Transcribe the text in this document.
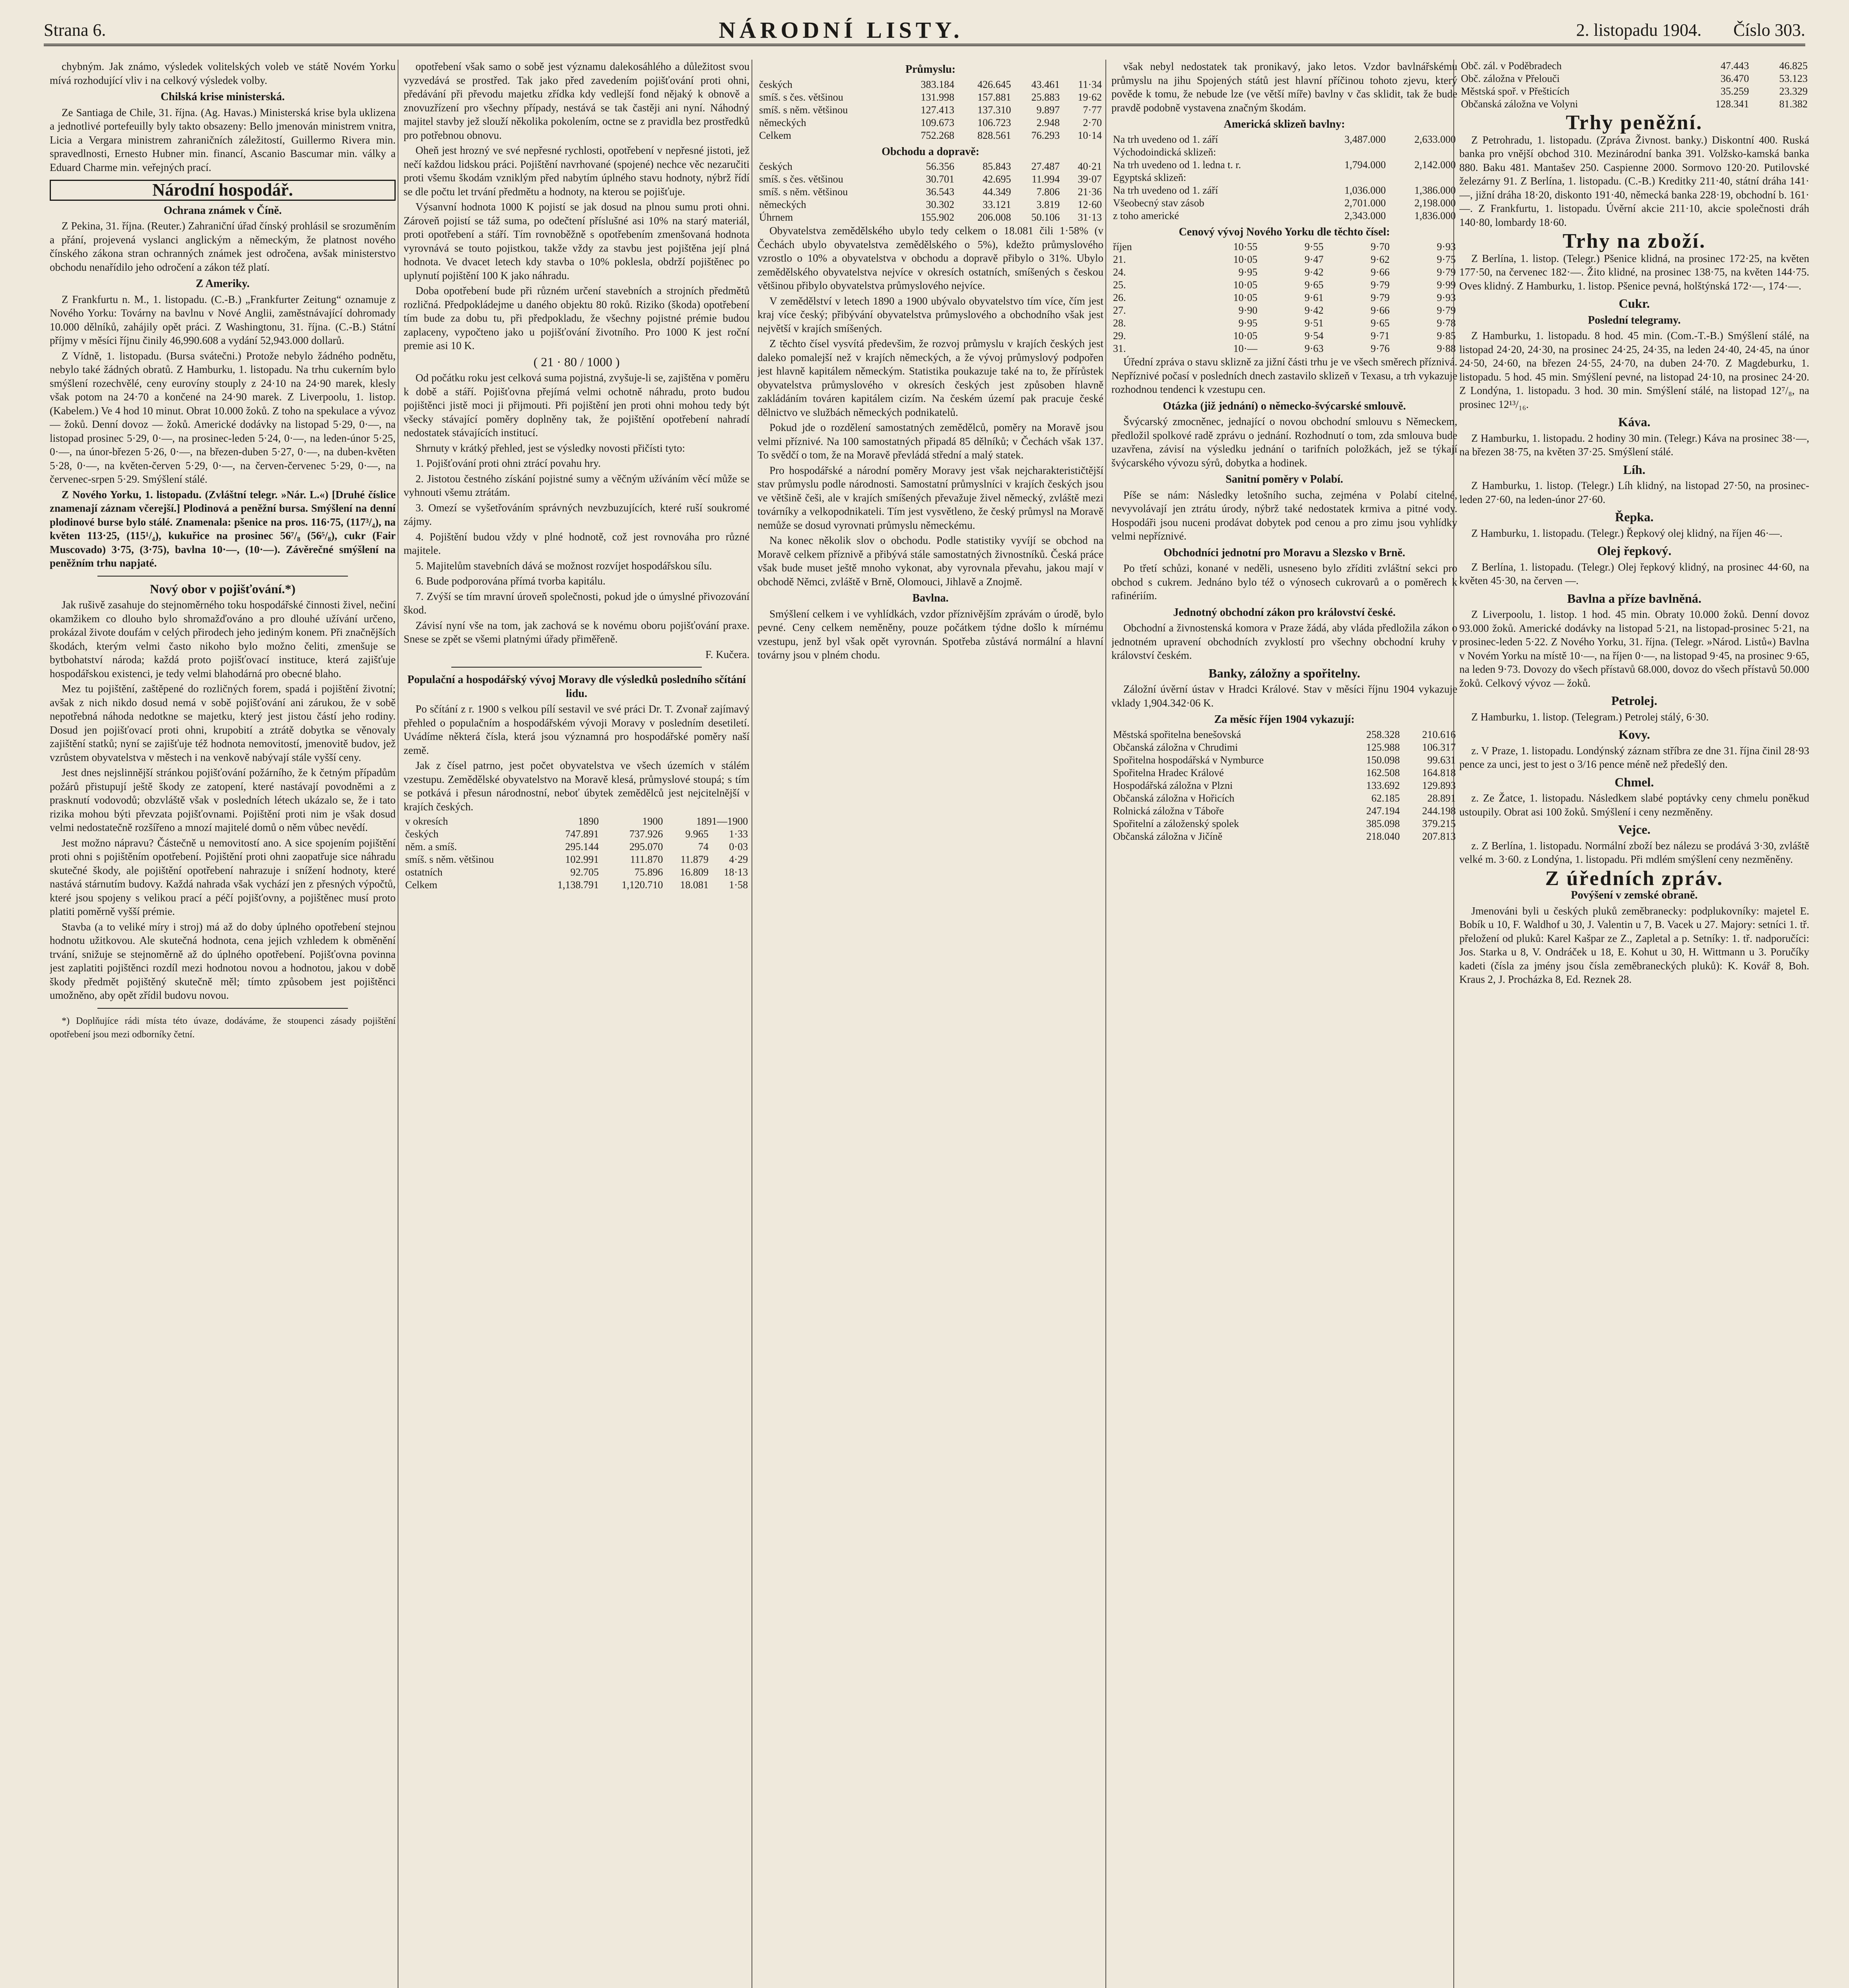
Strana 6.	NÁRODNÍ LISTY.	2. listopadu 1904. Číslo 303.

chybným. Jak známo, výsledek volitelských voleb ve státě Novém Yorku mívá rozhodující vliv i na celkový výsledek volby.

Chilská krise ministerská.

Ze Santiaga de Chile, 31. října. (Ag. Havas.) Ministerská krise byla uklizena a jednotlivé portefeuilly byly takto obsazeny: Bello jmenován ministrem vnitra, Licia a Vergara ministrem zahraničních záležitostí, Guillermo Rivera min. spravedlnosti, Ernesto Hubner min. financí, Ascanio Bascumar min. války a Eduard Charme min. veřejných prací.

Národní hospodář.
Ochrana známek v Číně.

Z Pekina, 31. října. (Reuter.) Zahraniční úřad čínský prohlásil se srozuměním a přání, projevená vyslanci anglickým a německým, že platnost nového čínského zákona stran ochranných známek jest odročena, avšak ministerstvo obchodu nenařídilo jeho odročení a zákon též platí.

Z Ameriky.

Z Frankfurtu n. M., 1. listopadu. (C.-B.) „Frankfurter Zeitung“ oznamuje z Nového Yorku: Továrny na bavlnu v Nové Anglii, zaměstnávající dohromady 10.000 dělníků, zahájily opět práci. Z Washingtonu, 31. října. (C.-B.) Státní příjmy v měsíci říjnu činily 46,990.608 a vydání 52,943.000 dollarů.

Z Vídně, 1. listopadu. (Bursa svátečni.) Protože nebylo žádného podnětu, nebylo také žádných obratů. Z Hamburku, 1. listopadu. Na trhu cukerním bylo smýšlení rozechvělé, ceny eurovíny stouply z 24·10 na 24·90 marek, klesly však potom na 24·70 a končené na 24·90 marek. Z Liverpoolu, 1. listop. (Kabelem.) Ve 4 hod 10 minut. Obrat 10.000 žoků. Z toho na spekulace a vývoz — žoků. Denní dovoz — žoků. Americké dodávky na listopad 5·29, 0·—, na listopad prosinec 5·29, 0·—, na prosinec-leden 5·24, 0·—, na leden-únor 5·25, 0·—, na únor-březen 5·26, 0·—, na březen-duben 5·27, 0·—, na duben-květen 5·28, 0·—, na květen-červen 5·29, 0·—, na červen-červenec 5·29, 0·—, na červenec-srpen 5·29. Smýšlení stálé.

Z Nového Yorku, 1. listopadu. (Zvláštní telegr. »Nár. L.«) [Druhé číslice znamenají záznam včerejší.] Plodinová a peněžní bursa. Smýšlení na denní plodinové burse bylo stálé. Znamenala: pšenice na pros. 116·75, (117³/₄), na květen 113·25, (115¹/₄), kukuřice na prosinec 56⁷/₈ (56⁵/₈), cukr (Fair Muscovado) 3·75, (3·75), bavlna 10·—, (10·—). Závěrečné smýšlení na peněžním trhu napjaté.

Nový obor v pojišťování.*)

Jak rušivě zasahuje do stejnoměrného toku hospodářské činnosti živel, nečiní okamžikem co dlouho bylo shromažďováno a pro dlouhé užívání určeno, prokázal živote doufám v celých přirodech jeho jediným konem. Při značnějších škodách, kterým velmi často nikoho bylo možno čeliti, zmenšuje se bytbohatství národa; každá proto pojišťovací instituce, která zajišťuje hospodářskou existenci, je tedy velmi blahodárná pro obecné blaho.

Mez tu pojištění, zaštěpené do rozličných forem, spadá i pojištění životní; avšak z nich nikdo dosud nemá v sobě pojišťování ani zárukou, že v sobě nepotřebná náhoda nedotkne se majetku, který jest jistou částí jeho rodiny. Dosud jen pojišťovací proti ohni, krupobití a ztrátě dobytka se věnovaly zajištění statků; nyní se zajišťuje též hodnota nemovitostí, jmenovitě budov, jež vzrůstem obyvatelstva v městech i na venkově nabývají stále vyšší ceny.

Jest dnes nejslinnější stránkou pojišťování požárního, že k četným případům požárů přistupují ještě škody ze zatopení, které nastávají povodněmi a z prasknutí vodovodů; obzvláště však v posledních létech ukázalo se, že i tato rizika mohou býti převzata pojišťovnami. Pojištění proti nim je však dosud velmi nedostatečně rozšířeno a mnozí majitelé domů o něm vůbec nevědí.

Jest možno nápravu? Částečně u nemovitostí ano. A sice spojením pojištění proti ohni s pojištěním opotřebení. Pojištění proti ohni zaopatřuje sice náhradu skutečné škody, ale pojištění opotřebení nahrazuje i snížení hodnoty, které nastává stárnutím budovy. Každá nahrada však vychází jen z přesných výpočtů, které jsou spojeny s velikou prací a péčí pojišťovny, a pojištěnec musí proto platiti poměrně vyšší prémie.

Stavba (a to veliké míry i stroj) má až do doby úplného opotřebení stejnou hodnotu užitkovou. Ale skutečná hodnota, cena jejich vzhledem k obměnění trvání, snižuje se stejnoměrně až do úplného opotřebení. Pojišťovna povinna jest zaplatiti pojištěnci rozdíl mezi hodnotou novou a hodnotou, jakou v době škody předmět pojištěný skutečně měl; tímto způsobem jest pojištěnci umožněno, aby opět zřídil budovu novou.

*) Doplňujíce rádi místa této úvaze, dodáváme, že stoupenci zásady pojištění opotřebení jsou mezi odborníky četní.

opotřebení však samo o sobě jest významu dalekosáhlého a důležitost svou vyzvedává se prostřed. Tak jako před zavedením pojišťování proti ohni, předávání při převodu majetku zřídka kdy vedlejší fond nějaký k obnově a znovuzřízení pro všechny případy, nestává se tak častěji ani nyní. Náhodný majitel stavby jež slouží několika pokolením, octne se z pravidla bez prostředků pro potřebnou obnovu.

Oheň jest hrozný ve své nepřesné rychlosti, opotřebení v nepřesné jistoti, jež nečí každou lidskou práci. Pojištění navrhované (spojené) nechce věc nezaručiti proti všemu škodám vzniklým před nabytím úplného stavu hodnoty, nýbrž řídí se dle počtu let trvání předmětu a hodnoty, na kterou se pojišťuje.

Výsanvní hodnota 1000 K pojistí se jak dosud na plnou sumu proti ohni. Zároveň pojistí se táž suma, po odečtení příslušné asi 10% na starý materiál, proti opotřebení a stáří. Tím rovnoběžně s opotřebením zmenšovaná hodnota vyrovnává se touto pojistkou, takže vždy za stavbu jest pojištěna její plná hodnota. Ve dvacet letech kdy stavba o 10% poklesla, obdrží pojištěnec po uplynutí pojištění 100 K jako náhradu.

Doba opotřebení bude při různém určení stavebních a strojních předmětů rozličná. Předpokládejme u daného objektu 80 roků. Riziko (škoda) opotřebení tím bude za dobu tu, při předpokladu, že všechny pojistné prémie budou zaplaceny, vypočteno jako u pojišťování životního. Pro 1000 K jest roční premie asi 10 K.

( 21 · 80 / 1000 )

Od počátku roku jest celková suma pojistná, zvyšuje-li se, zajištěna v poměru k době a stáří. Pojišťovna přejímá velmi ochotně náhradu, proto budou pojištěnci jistě moci ji přijmouti. Při pojištění jen proti ohni mohou tedy být všecky stávající poměry doplněny tak, že pojištění opotřebení nahradí nedostatek stávajících institucí.

Shrnuty v krátký přehled, jest se výsledky novosti přičísti tyto:

1. Pojišťování proti ohni ztrácí povahu hry.

2. Jistotou čestného získání pojistné sumy a věčným užíváním věcí může se vyhnouti všemu ztrátám.

3. Omezí se vyšetřováním správných nevzbuzujících, které ruší soukromé zájmy.

4. Pojištění budou vždy v plné hodnotě, což jest rovnováha pro různé majitele.

5. Majitelům stavebních dává se možnost rozvíjet hospodářskou sílu.

6. Bude podporována přímá tvorba kapitálu.

7. Zvýší se tím mravní úroveň společnosti, pokud jde o úmyslné přivozování škod.

Závisí nyní vše na tom, jak zachová se k novému oboru pojišťování praxe. Snese se zpět se všemi platnými úřady přiměřeně.

F. Kučera.

Populační a hospodářský vývoj Moravy dle výsledků posledního sčítání lidu.

Po sčítání z r. 1900 s velkou pílí sestavil ve své práci Dr. T. Zvonař zajímavý přehled o populačním a hospodářském vývoji Moravy v posledním desetiletí. Uvádíme některá čísla, která jsou významná pro hospodářské poměry naší země.

Jak z čísel patrno, jest počet obyvatelstva ve všech územích v stálém vzestupu. Zemědělské obyvatelstvo na Moravě klesá, průmyslové stoupá; s tím se potkává i přesun národnostní, neboť úbytek zemědělců jest nejcitelnější v krajích českých.

v okresích	1890	1900	1891—1900	
českých	747.891	737.926	9.965	1·33
něm. a smíš.	295.144	295.070	74	0·03
smíš. s něm. většinou	102.991	111.870	11.879	4·29
ostatních	92.705	75.896	16.809	18·13
Celkem	1,138.791	1,120.710	18.081	1·58
Průmyslu:
českých	383.184	426.645	43.461	11·34
smíš. s čes. většinou	131.998	157.881	25.883	19·62
smíš. s něm. většinou	127.413	137.310	9.897	7·77
německých	109.673	106.723	2.948	2·70
Celkem	752.268	828.561	76.293	10·14
Obchodu a dopravě:
českých	56.356	85.843	27.487	40·21
smíš. s čes. většinou	30.701	42.695	11.994	39·07
smíš. s něm. většinou	36.543	44.349	7.806	21·36
německých	30.302	33.121	3.819	12·60
Úhrnem	155.902	206.008	50.106	31·13

Obyvatelstva zemědělského ubylo tedy celkem o 18.081 čili 1·58% (v Čechách ubylo obyvatelstva zemědělského o 5%), kdežto průmyslového vzrostlo o 10% a obyvatelstva v obchodu a dopravě přibylo o 31%. Ubylo zemědělského obyvatelstva nejvíce v okresích ostatních, smíšených s českou většinou přibylo obyvatelstva průmyslového nejvíce.

V zemědělství v letech 1890 a 1900 ubývalo obyvatelstvo tím více, čím jest kraj více český; přibývání obyvatelstva průmyslového a obchodního však jest největší v krajích smíšených.

Z těchto čísel vysvítá předevšim, že rozvoj průmyslu v krajích českých jest daleko pomalejší než v krajích německých, a že vývoj průmyslový podpořen jest hlavně kapitálem německým. Statistika poukazuje také na to, že přírůstek obyvatelstva průmyslového v okresích českých jest způsoben hlavně zakládáním továren kapitálem cizím. Na českém území pak pracuje české dělnictvo ve službách německých podnikatelů.

Pokud jde o rozdělení samostatných zemědělců, poměry na Moravě jsou velmi příznivé. Na 100 samostatných připadá 85 dělníků; v Čechách však 137. To svědčí o tom, že na Moravě převládá střední a malý statek.

Pro hospodářské a národní poměry Moravy jest však nejcharakterističtější stav průmyslu podle národnosti. Samostatní průmyslníci v krajích českých jsou ve většině češi, ale v krajích smíšených převažuje živel německý, zvláště mezi továrníky a velkopodnikateli. Tím jest vysvětleno, že český průmysl na Moravě nemůže se dosud vyrovnati průmyslu německému.

Na konec několik slov o obchodu. Podle statistiky vyvíjí se obchod na Moravě celkem příznivě a přibývá stále samostatných živnostníků. Česká práce však bude muset ještě mnoho vykonat, aby vyrovnala převahu, jakou mají v obchodě Němci, zvláště v Brně, Olomouci, Jihlavě a Znojmě.

Bavlna.

Smýšlení celkem i ve vyhlídkách, vzdor příznivějším zprávám o úrodě, bylo pevné. Ceny celkem neměněny, pouze počátkem týdne došlo k mírnému vzestupu, jenž byl však opět vyrovnán. Spotřeba zůstává normální a hlavní továrny jsou v plném chodu.

však nebyl nedostatek tak pronikavý, jako letos. Vzdor bavlnářskému průmyslu na jihu Spojených států jest hlavní příčinou tohoto zjevu, který pověde k tomu, že nebude lze (ve větší míře) bavlny v čas sklidit, tak že bude pravdě podobně vystavena značným škodám.

Americká sklizeň bavlny:
Na trh uvedeno od 1. září	3,487.000	2,633.000
Východoindická sklizeň:		
Na trh uvedeno od 1. ledna t. r.	1,794.000	2,142.000
Egyptská sklizeň:		
Na trh uvedeno od 1. září	1,036.000	1,386.000
Všeobecný stav zásob	2,701.000	2,198.000
z toho americké	2,343.000	1,836.000
Cenový vývoj Nového Yorku dle těchto čísel:
říjen	10·55	9·55	9·70	9·93
21.	10·05	9·47	9·62	9·75
24.	9·95	9·42	9·66	9·79
25.	10·05	9·65	9·79	9·99
26.	10·05	9·61	9·79	9·93
27.	9·90	9·42	9·66	9·79
28.	9·95	9·51	9·65	9·78
29.	10·05	9·54	9·71	9·85
31.	10·—	9·63	9·76	9·88

Úřední zpráva o stavu sklizně za jižní části trhu je ve všech směrech příznivá. Nepříznivé počasí v posledních dnech zastavilo sklizeň v Texasu, a trh vykazuje rozhodnou tendenci k vzestupu cen.

Otázka (již jednání) o německo-švýcarské smlouvě.

Švýcarský zmocněnec, jednající o novou obchodní smlouvu s Německem, předložil spolkové radě zprávu o jednání. Rozhodnutí o tom, zda smlouva bude uzavřena, závisí na výsledku jednání o tarifních položkách, jež se týkají švýcarského vývozu sýrů, dobytka a hodinek.

Sanitní poměry v Polabí.

Píše se nám: Následky letošního sucha, zejména v Polabí citelné, nevyvolávají jen ztrátu úrody, nýbrž také nedostatek krmiva a pitné vody. Hospodáři jsou nuceni prodávat dobytek pod cenou a pro zimu jsou vyhlídky velmi nepříznivé.

Obchodníci jednotní pro Moravu a Slezsko v Brně.

Po třetí schůzi, konané v neděli, usneseno bylo zříditi zvláštní sekci pro obchod s cukrem. Jednáno bylo též o výnosech cukrovarů a o poměrech k rafinériím.

Jednotný obchodní zákon pro království české.

Obchodní a živnostenská komora v Praze žádá, aby vláda předložila zákon o jednotném upravení obchodních zvyklostí pro všechny obchodní kruhy v království českém.

Banky, záložny a spořitelny.

Záložní úvěrní ústav v Hradci Králové. Stav v měsíci říjnu 1904 vykazuje vklady 1,904.342·06 K.

Za měsíc říjen 1904 vykazují:
Městská spořitelna benešovská	258.328	210.616
Občanská záložna v Chrudimi	125.988	106.317
Spořitelna hospodářská v Nymburce	150.098	99.631
Spořitelna Hradec Králové	162.508	164.818
Hospodářská záložna v Plzni	133.692	129.893
Občanská záložna v Hořicích	62.185	28.891
Rolnická záložna v Táboře	247.194	244.198
Spořitelní a záloženský spolek	385.098	379.215
Občanská záložna v Jičíně	218.040	207.813
Obč. zál. v Poděbradech	47.443	46.825
Obč. záložna v Přelouči	36.470	53.123
Městská spoř. v Přešticích	35.259	23.329
Občanská záložna ve Volyni	128.341	81.382
Trhy peněžní.

Z Petrohradu, 1. listopadu. (Zpráva Živnost. banky.) Diskontní 400. Ruská banka pro vnější obchod 310. Mezinárodní banka 391. Volžsko-kamská banka 880. Baku 481. Mantašev 250. Caspienne 2000. Sormovo 120·20. Putilovské železárny 91. Z Berlína, 1. listopadu. (C.-B.) Kreditky 211·40, státní dráha 141·—, jižní dráha 18·20, diskonto 191·40, německá banka 228·19, obchodní b. 161·—. Z Frankfurtu, 1. listopadu. Úvěrní akcie 211·10, akcie společnosti dráh 140·80, lombardy 18·60.

Trhy na zboží.

Z Berlína, 1. listop. (Telegr.) Pšenice klidná, na prosinec 172·25, na květen 177·50, na červenec 182·—. Žito klidné, na prosinec 138·75, na květen 144·75. Oves klidný. Z Hamburku, 1. listop. Pšenice pevná, holštýnská 172·—, 174·—.

Cukr.
Poslední telegramy.

Z Hamburku, 1. listopadu. 8 hod. 45 min. (Com.-T.-B.) Smýšlení stálé, na listopad 24·20, 24·30, na prosinec 24·25, 24·35, na leden 24·40, 24·45, na únor 24·50, 24·60, na březen 24·55, 24·70, na duben 24·70. Z Magdeburku, 1. listopadu. 5 hod. 45 min. Smýšlení pevné, na listopad 24·10, na prosinec 24·20. Z Londýna, 1. listopadu. 3 hod. 30 min. Smýšlení stálé, na listopad 12⁷/₈, na prosinec 12¹³/₁₆.

Káva.

Z Hamburku, 1. listopadu. 2 hodiny 30 min. (Telegr.) Káva na prosinec 38·—, na březen 38·75, na květen 37·25. Smýšlení stálé.

Líh.

Z Hamburku, 1. listop. (Telegr.) Líh klidný, na listopad 27·50, na prosinec-leden 27·60, na leden-únor 27·60.

Řepka.

Z Hamburku, 1. listopadu. (Telegr.) Řepkový olej klidný, na říjen 46·—.

Olej řepkový.

Z Berlína, 1. listopadu. (Telegr.) Olej řepkový klidný, na prosinec 44·60, na květen 45·30, na červen —.

Bavlna a příze bavlněná.

Z Liverpoolu, 1. listop. 1 hod. 45 min. Obraty 10.000 žoků. Denní dovoz 93.000 žoků. Americké dodávky na listopad 5·21, na listopad-prosinec 5·21, na prosinec-leden 5·22. Z Nového Yorku, 31. října. (Telegr. »Národ. Listů«) Bavlna v Novém Yorku na místě 10·—, na říjen 0·—, na listopad 9·45, na prosinec 9·65, na leden 9·73. Dovozy do všech přístavů 68.000, dovoz do všech přístavů 50.000 žoků. Celkový vývoz — žoků.

Petrolej.

Z Hamburku, 1. listop. (Telegram.) Petrolej stálý, 6·30.

Kovy.

z. V Praze, 1. listopadu. Londýnský záznam stříbra ze dne 31. října činil 28·93 pence za unci, jest to jest o 3/16 pence méně než předešlý den.

Chmel.

z. Ze Žatce, 1. listopadu. Následkem slabé poptávky ceny chmelu poněkud ustoupily. Obrat asi 100 žoků. Smýšlení i ceny nezměněny.

Vejce.

z. Z Berlína, 1. listopadu. Normální zboží bez nálezu se prodává 3·30, zvláště velké m. 3·60. z Londýna, 1. listopadu. Při mdlém smýšlení ceny nezměněny.

Z úředních zpráv.
Povýšení v zemské obraně.

Jmenováni byli u českých pluků zeměbranecky: podplukovníky: majetel E. Bobík u 10, F. Waldhof u 30, J. Valentin u 7, B. Vacek u 27. Majory: setníci 1. tř. přeložení od pluků: Karel Kašpar ze Z., Zapletal a p. Setníky: 1. tř. nadporučíci: Jos. Starka u 8, V. Ondráček u 18, E. Kohut u 30, H. Wittmann u 3. Poručíky kadeti (čísla za jmény jsou čísla zeměbraneckých pluků): K. Kovář 8, Boh. Kraus 2, J. Procházka 8, Ed. Reznek 28.
